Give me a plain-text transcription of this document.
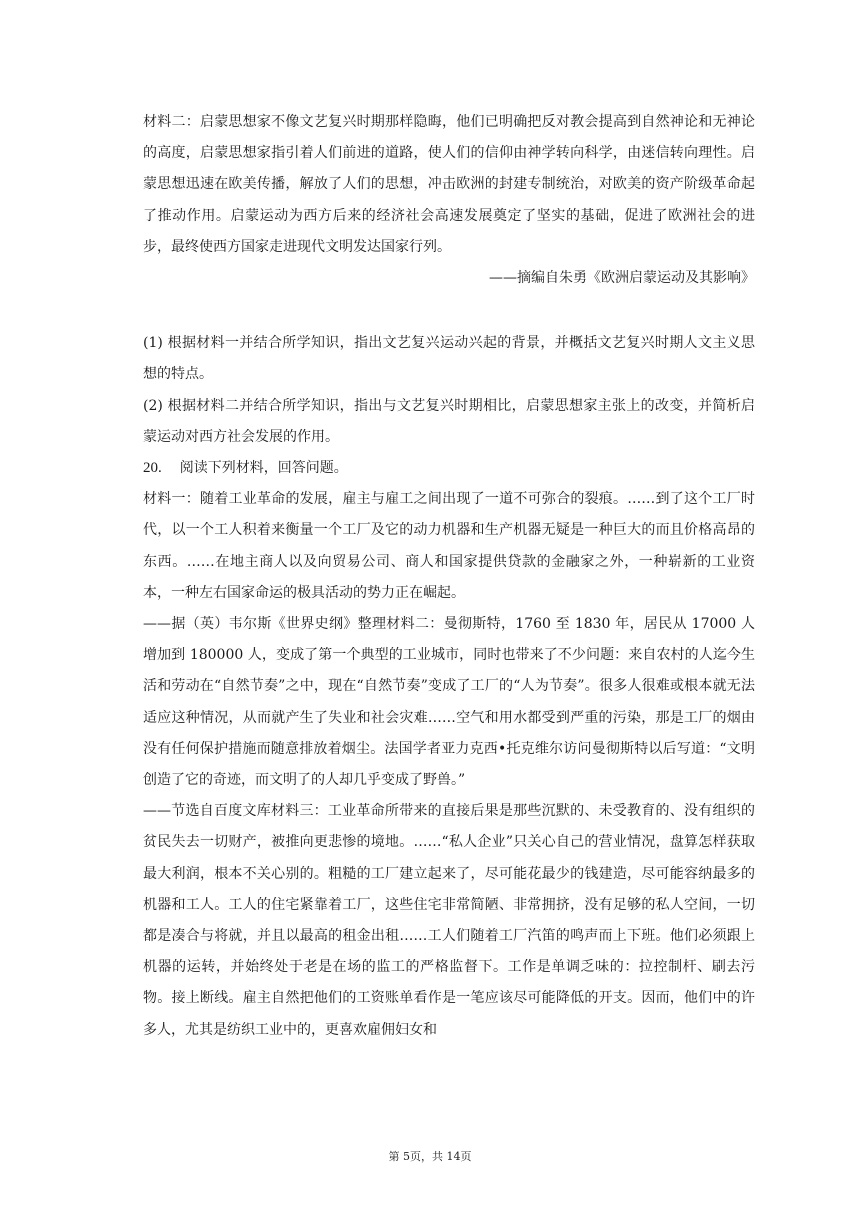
材料二：启蒙思想家不像文艺复兴时期那样隐晦，他们已明确把反对教会提高到自然神论和无神论的高度，启蒙思想家指引着人们前进的道路，使人们的信仰由神学转向科学，由迷信转向理性。启蒙思想迅速在欧美传播，解放了人们的思想，冲击欧洲的封建专制统治，对欧美的资产阶级革命起了推动作用。启蒙运动为西方后来的经济社会高速发展奠定了坚实的基础，促进了欧洲社会的进步，最终使西方国家走进现代文明发达国家行列。

——摘编自朱勇《欧洲启蒙运动及其影响》

(1) 根据材料一并结合所学知识，指出文艺复兴运动兴起的背景，并概括文艺复兴时期人文主义思想的特点。

(2) 根据材料二并结合所学知识，指出与文艺复兴时期相比，启蒙思想家主张上的改变，并简析启蒙运动对西方社会发展的作用。

20. 阅读下列材料，回答问题。

材料一：随着工业革命的发展，雇主与雇工之间出现了一道不可弥合的裂痕。……到了这个工厂时代，以一个工人积着来衡量一个工厂及它的动力机器和生产机器无疑是一种巨大的而且价格高昂的东西。……在地主商人以及向贸易公司、商人和国家提供贷款的金融家之外，一种崭新的工业资本，一种左右国家命运的极具活动的势力正在崛起。

——据（英）韦尔斯《世界史纲》整理材料二：曼彻斯特，1760 至 1830 年，居民从 17000 人增加到 180000 人，变成了第一个典型的工业城市，同时也带来了不少问题：来自农村的人迄今生活和劳动在“自然节奏”之中，现在“自然节奏”变成了工厂的“人为节奏”。很多人很难或根本就无法适应这种情况，从而就产生了失业和社会灾难……空气和用水都受到严重的污染，那是工厂的烟由没有任何保护措施而随意排放着烟尘。法国学者亚力克西•托克维尔访问曼彻斯特以后写道：“文明创造了它的奇迹，而文明了的人却几乎变成了野兽。”

——节选自百度文库材料三：工业革命所带来的直接后果是那些沉默的、未受教育的、没有组织的贫民失去一切财产，被推向更悲惨的境地。……“私人企业”只关心自己的营业情况，盘算怎样获取最大利润，根本不关心别的。粗糙的工厂建立起来了，尽可能花最少的钱建造，尽可能容纳最多的机器和工人。工人的住宅紧靠着工厂，这些住宅非常简陋、非常拥挤，没有足够的私人空间，一切都是凑合与将就，并且以最高的租金出租……工人们随着工厂汽笛的鸣声而上下班。他们必须跟上机器的运转，并始终处于老是在场的监工的严格监督下。工作是单调乏味的：拉控制杆、刷去污物。接上断线。雇主自然把他们的工资账单看作是一笔应该尽可能降低的开支。因而，他们中的许多人，尤其是纺织工业中的，更喜欢雇佣妇女和

第 5页，共 14页
